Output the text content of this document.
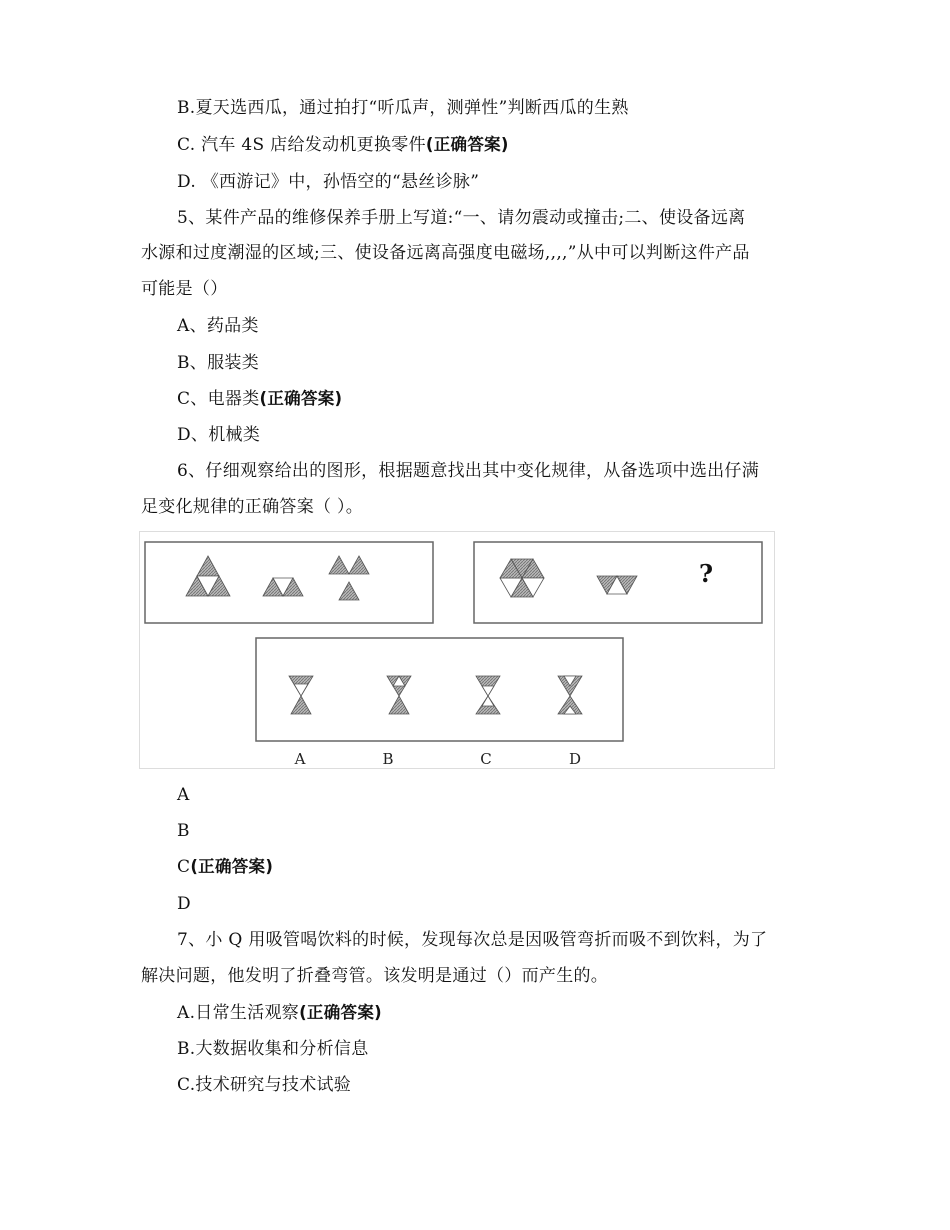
B.夏天选西瓜，通过拍打“听瓜声，测弹性”判断西瓜的生熟
C. 汽车 4S 店给发动机更换零件(正确答案)
D. 《西游记》中，孙悟空的“悬丝诊脉”
5、某件产品的维修保养手册上写道:“一、请勿震动或撞击;二、使设备远离
水源和过度潮湿的区域;三、使设备远离高强度电磁场,,,,”从中可以判断这件产品
可能是（）
A、药品类
B、服装类
C、电器类(正确答案)
D、机械类
6、仔细观察给出的图形，根据题意找出其中变化规律，从备选项中选出仔满
足变化规律的正确答案（ ）。
?
A	B	C	D
A
B
C(正确答案)
D
7、小 Q 用吸管喝饮料的时候，发现每次总是因吸管弯折而吸不到饮料，为了
解决问题，他发明了折叠弯管。该发明是通过（）而产生的。
A.日常生活观察(正确答案)
B.大数据收集和分析信息
C.技术研究与技术试验
